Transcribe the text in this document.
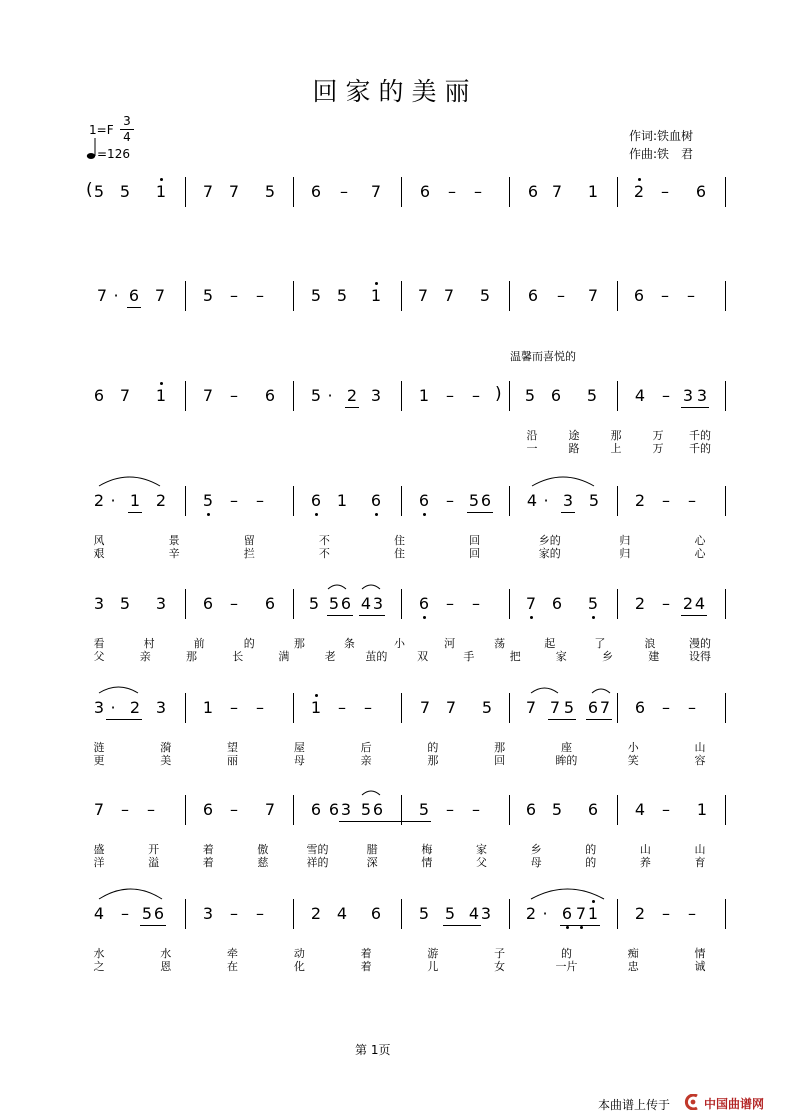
回家的美丽
1=F
3
4
=126
作词:铁血树
作曲:铁　君
温馨而喜悦的
5 5	1	7 7	5	6	–	7	6	–	–	6 7	1	2	–	6
(
7 · 6 7	5	–	–	5 5	1	7 7	5	6	–	7	6	–	–
6 7	1	7	–	6	5 · 2 3	1	–	–	5 6	5	4	– 3 3
)
沿	途	那	万	千的
一	路	上	万	千的
2 · 1 2	5	–	–	6 1	6	6	– 5 6	4 · 3 5	2	–	–
风	景	留	不	住	回	乡的	归	心
艰	辛	拦	不	住	回	家的	归	心
3 5	3	6	–	6	5 5 6 4 3	6	–	–	7 6	5	2	– 2 4
看	村	前	的	那	条	小	河	荡	起	了	浪	漫的
父	亲	那	长	满	老	茧的	双	手	把	家	乡	建	设得
3 · 2 3	1	–	–	1	–	–	7 7	5	7 7 5 6 7	6	–	–
涟	漪	望	屋	后	的	那	座	小	山
更	美	丽	母	亲	那	回	眸的	笑	容
7	–	–	6	–	7	6 6 3 5 6	5	–	–	6 5	6	4	–	1
盛	开	着	傲	雪的	腊	梅	家	乡	的	山	山
洋	溢	着	慈	祥的	深	情	父	母	的	养	育
4	– 5 6	3	–	–	2 4	6	5 5 4 3	2 · 6 7 1	2	–	–
水	水	牵	动	着	游	子	的	痴	情
之	恩	在	化	着	儿	女	一片	忠	诚
第 1页
本曲谱上传于	中国曲谱网
